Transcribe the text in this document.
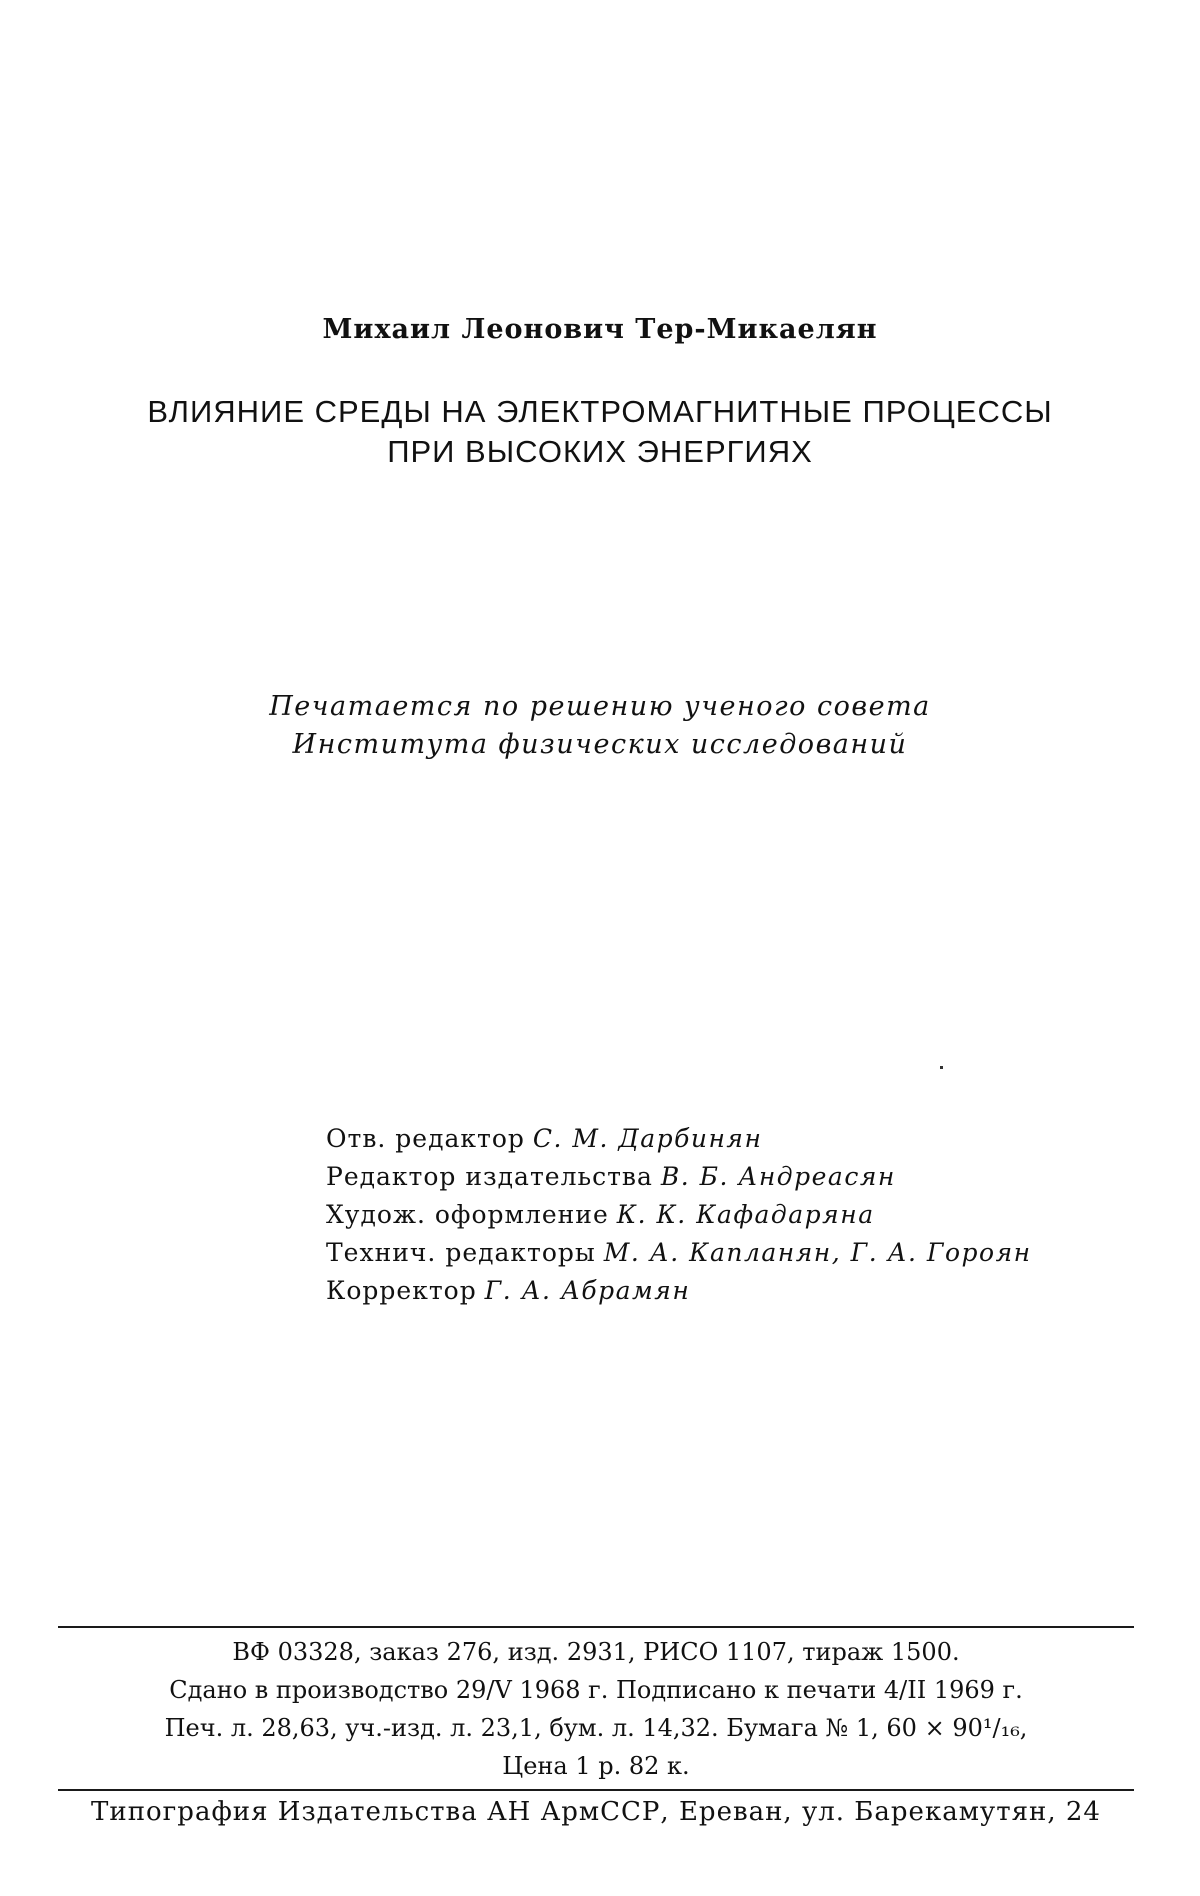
Михаил Леонович Тер-Микаелян
ВЛИЯНИЕ СРЕДЫ НА ЭЛЕКТРОМАГНИТНЫЕ ПРОЦЕССЫ
ПРИ ВЫСОКИХ ЭНЕРГИЯХ
Печатается по решению ученого совета
Института физических исследований
Отв. редактор С. М. Дарбинян
Редактор издательства В. Б. Андреасян
Худож. оформление К. К. Кафадаряна
Технич. редакторы М. А. Капланян, Г. А. Гороян
Корректор Г. А. Абрамян
ВФ 03328, заказ 276, изд. 2931, РИСО 1107, тираж 1500.
Сдано в производство 29/V 1968 г. Подписано к печати 4/II 1969 г.
Печ. л. 28,63, уч.-изд. л. 23,1, бум. л. 14,32. Бумага № 1, 60 × 90¹/₁₆,
Цена 1 р. 82 к.
Типография Издательства АН АрмССР, Ереван, ул. Барекамутян, 24
